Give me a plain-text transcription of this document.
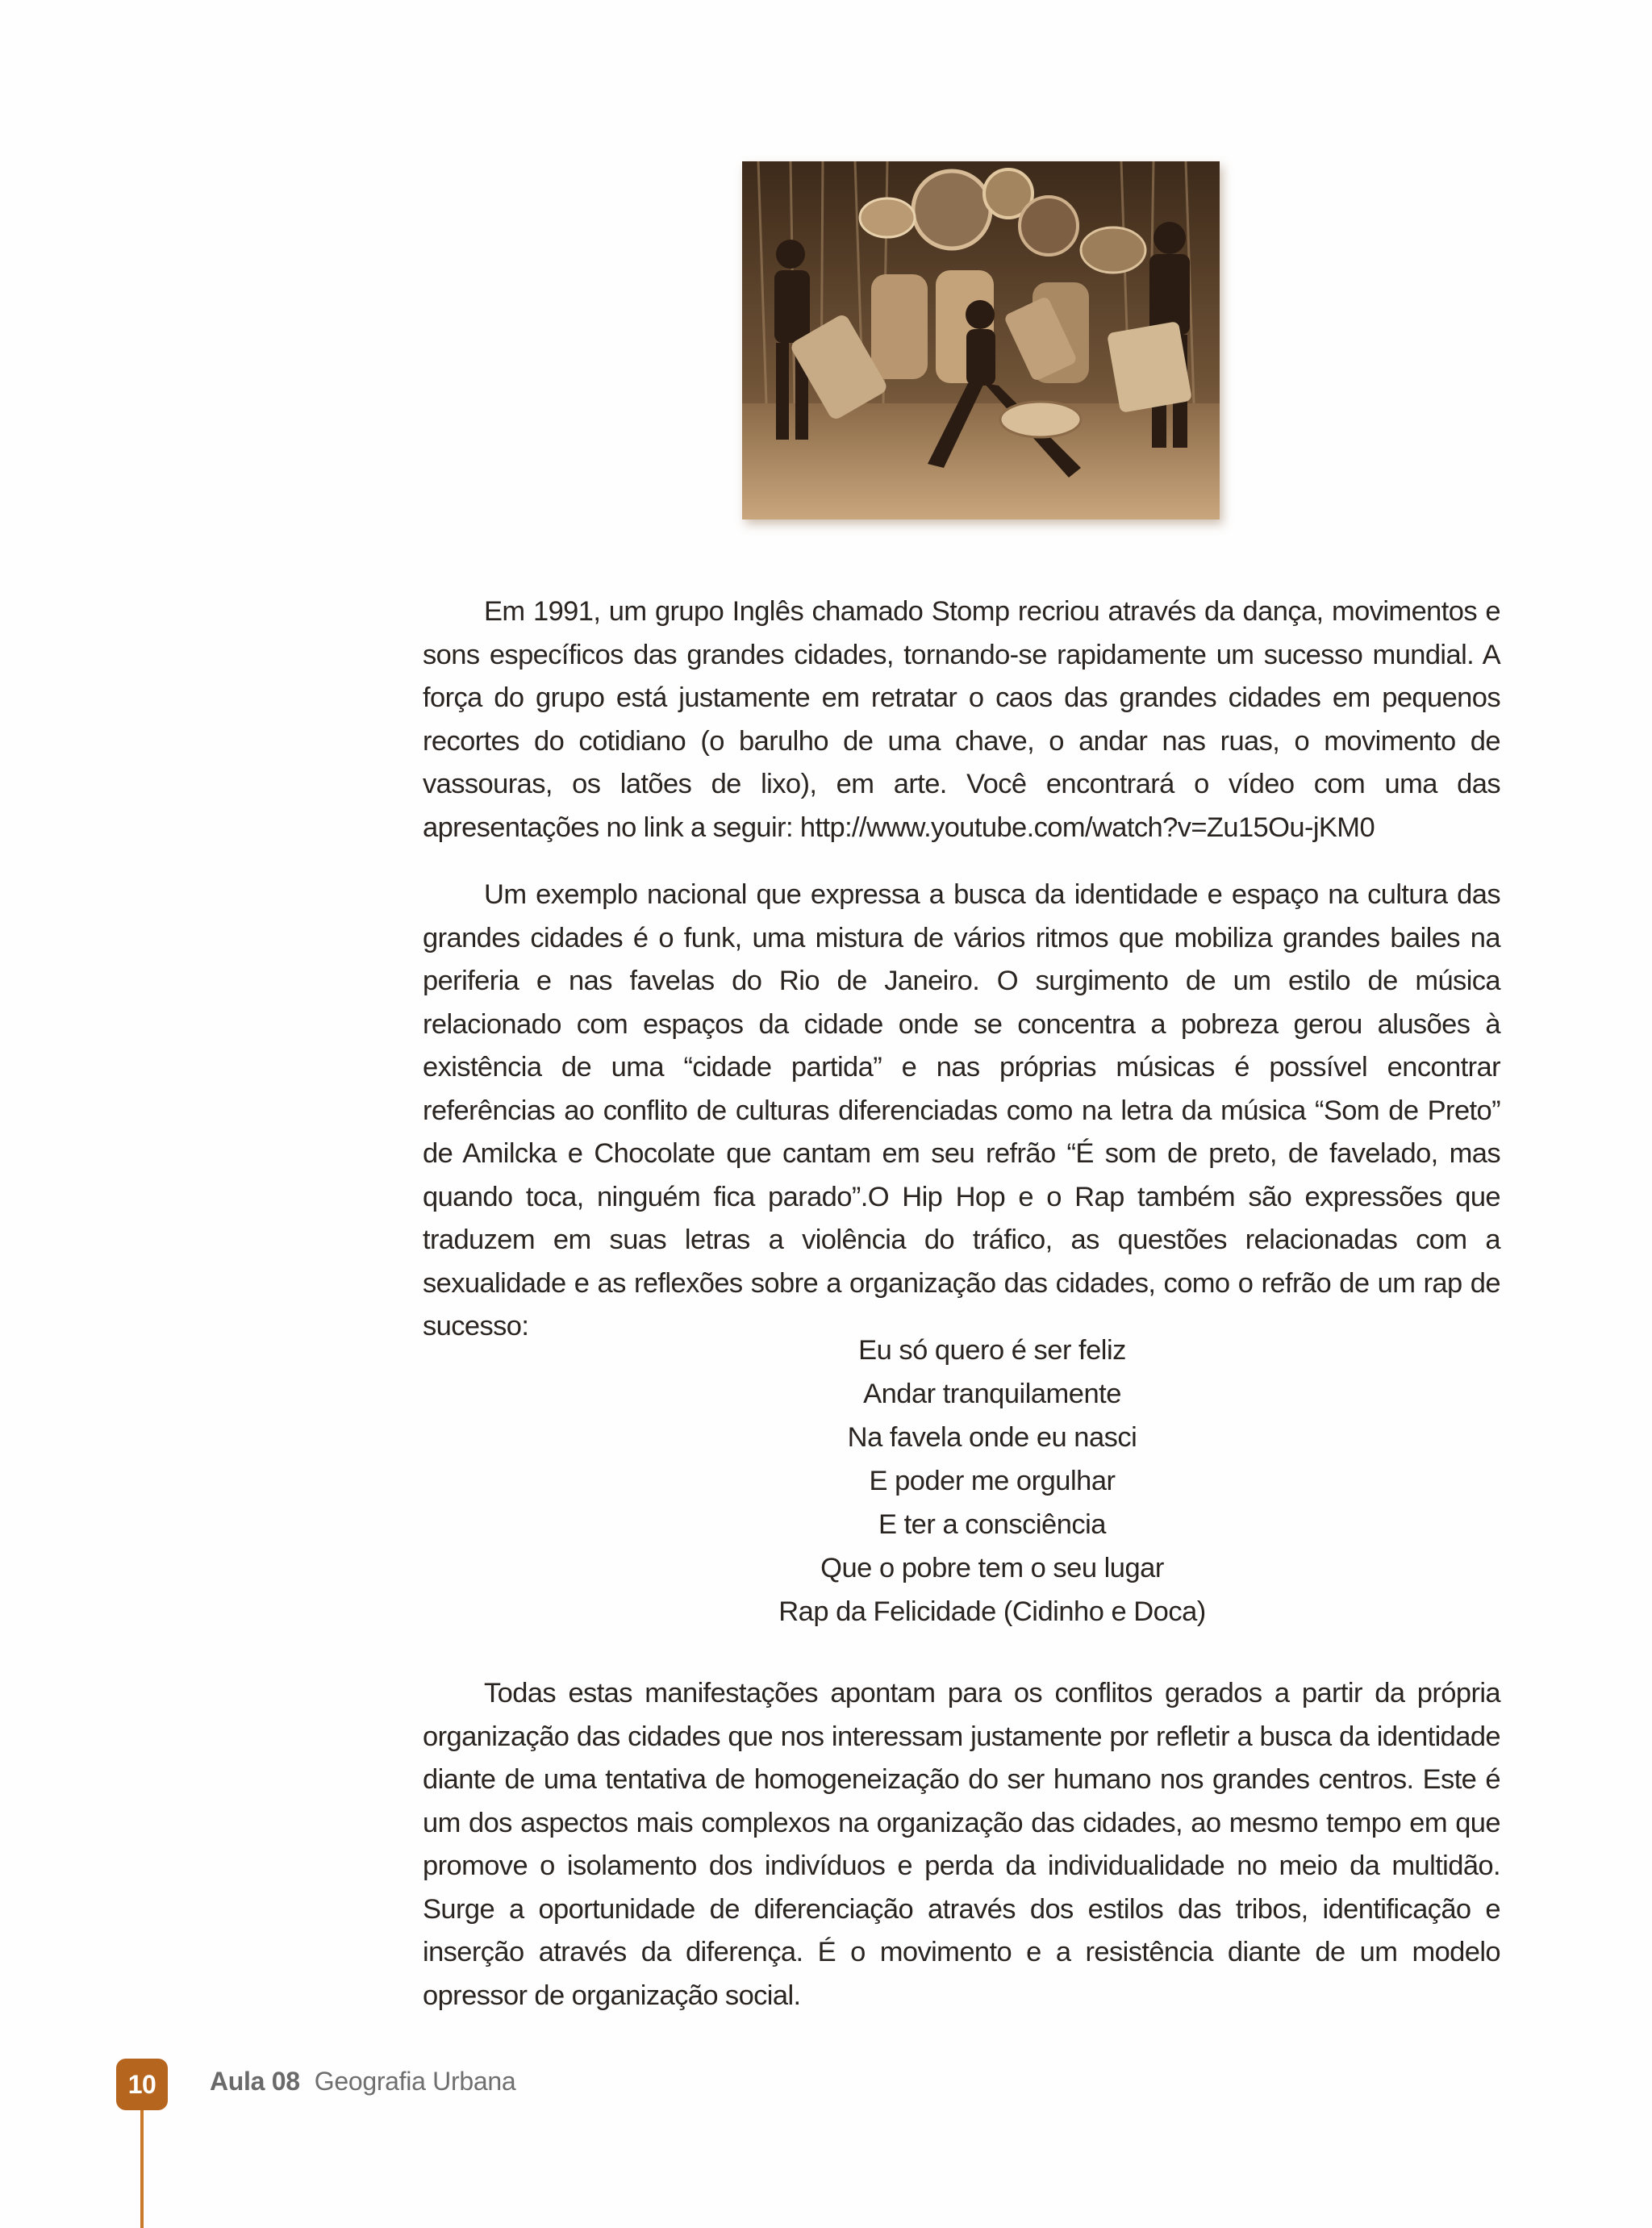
Em 1991, um grupo Inglês chamado Stomp recriou através da dança, movimentos e sons específicos das grandes cidades, tornando-se rapidamente um sucesso mundial. A força do grupo está justamente em retratar o caos das grandes cidades em pequenos recortes do cotidiano (o barulho de uma chave, o andar nas ruas, o movimento de vassouras, os latões de lixo), em arte. Você encontrará o vídeo com uma das apresentações no link a seguir: http://www.youtube.com/watch?v=Zu15Ou-jKM0

Um exemplo nacional que expressa a busca da identidade e espaço na cultura das grandes cidades é o funk, uma mistura de vários ritmos que mobiliza grandes bailes na periferia e nas favelas do Rio de Janeiro. O surgimento de um estilo de música relacionado com espaços da cidade onde se concentra a pobreza gerou alusões à existência de uma “cidade partida” e nas próprias músicas é possível encontrar referências ao conflito de culturas diferenciadas como na letra da música “Som de Preto” de Amilcka e Chocolate que cantam em seu refrão “É som de preto, de favelado, mas quando toca, ninguém fica parado”.O Hip Hop e o Rap também são expressões que traduzem em suas letras a violência do tráfico, as questões relacionadas com a sexualidade e as reflexões sobre a organização das cidades, como o refrão de um rap de sucesso:

Eu só quero é ser feliz
Andar tranquilamente
Na favela onde eu nasci
E poder me orgulhar
E ter a consciência
Que o pobre tem o seu lugar
Rap da Felicidade (Cidinho e Doca)

Todas estas manifestações apontam para os conflitos gerados a partir da própria organização das cidades que nos interessam justamente por refletir a busca da identidade diante de uma tentativa de homogeneização do ser humano nos grandes centros. Este é um dos aspectos mais complexos na organização das cidades, ao mesmo tempo em que promove o isolamento dos indivíduos e perda da individualidade no meio da multidão. Surge a oportunidade de diferenciação através dos estilos das tribos, identificação e inserção através da diferença. É o movimento e a resistência diante de um modelo opressor de organização social.

10 Aula 08 Geografia Urbana
